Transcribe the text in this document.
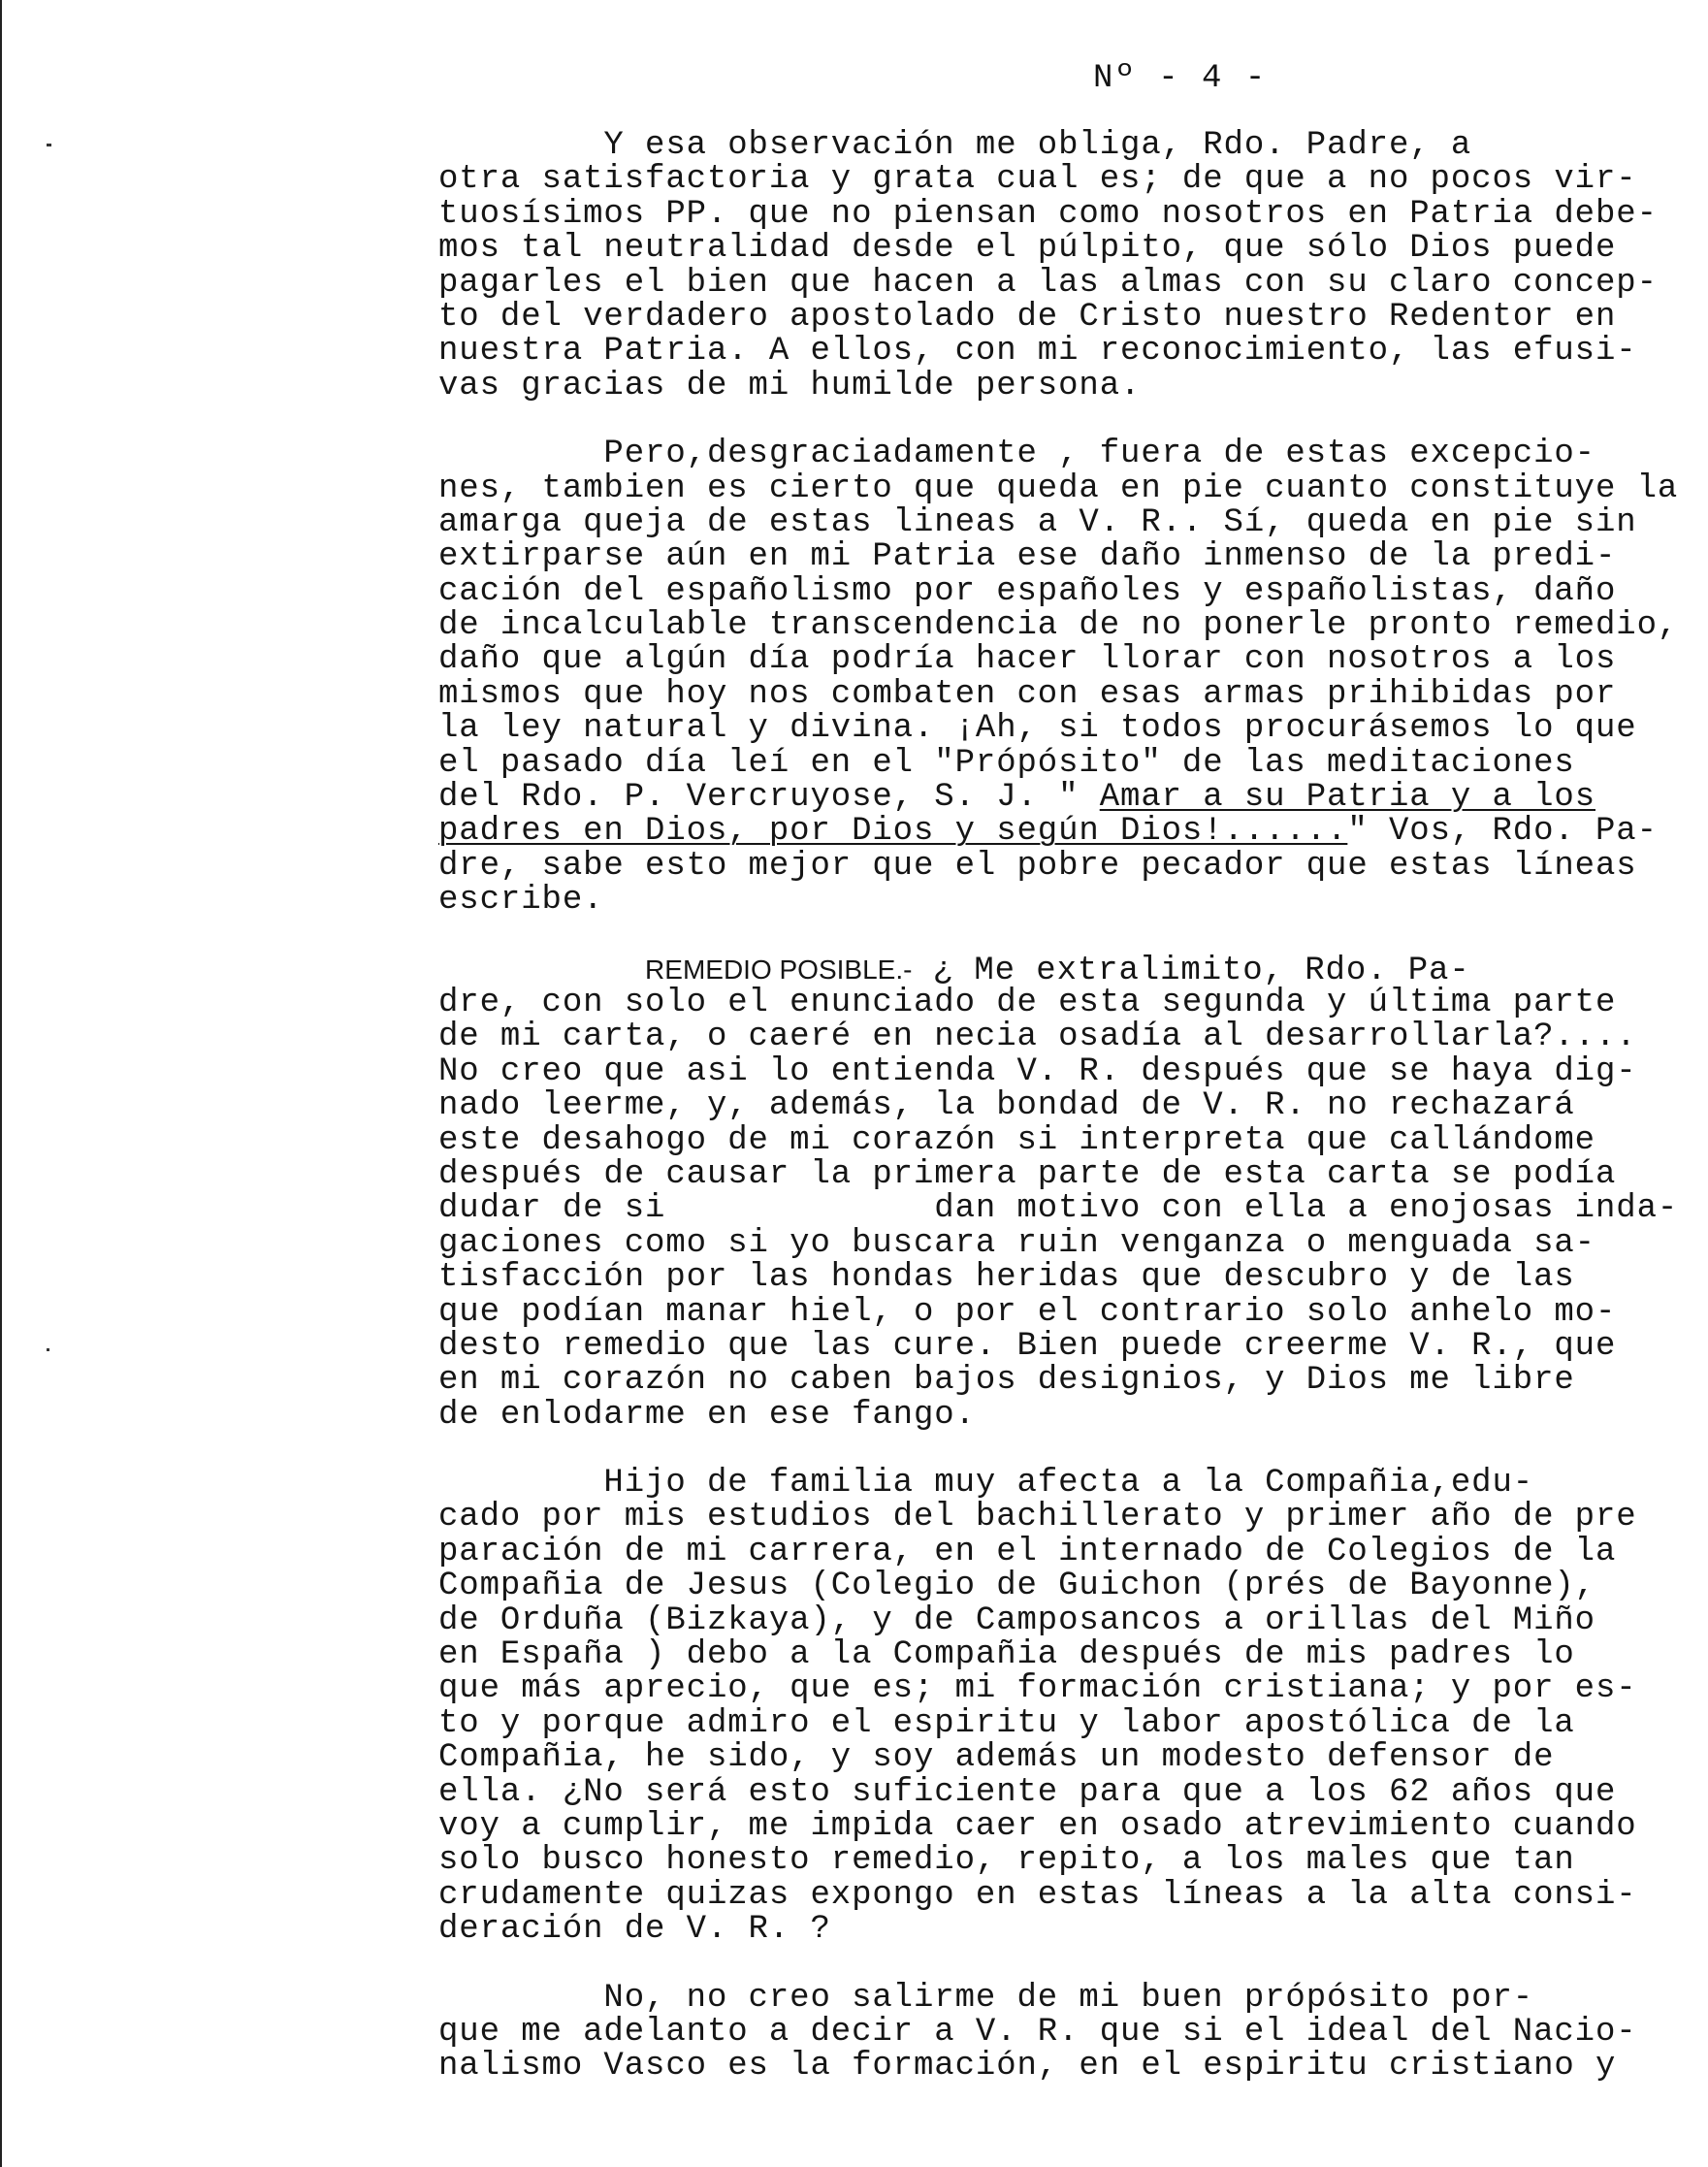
Nº - 4 -
Y esa observación me obliga, Rdo. Padre, a
otra satisfactoria y grata cual es; de que a no pocos vir-
tuosísimos PP. que no piensan como nosotros en Patria debe-
mos tal neutralidad desde el púlpito, que sólo Dios puede
pagarles el bien que hacen a las almas con su claro concep-
to del verdadero apostolado de Cristo nuestro Redentor en
nuestra Patria. A ellos, con mi reconocimiento, las efusi-
vas gracias de mi humilde persona.
Pero,desgraciadamente , fuera de estas excepcio-
nes, tambien es cierto que queda en pie cuanto constituye la
amarga queja de estas lineas a V. R.. Sí, queda en pie sin
extirparse aún en mi Patria ese daño inmenso de la predi-
cación del españolismo por españoles y españolistas, daño
de incalculable transcendencia de no ponerle pronto remedio,
daño que algún día podría hacer llorar con nosotros a los
mismos que hoy nos combaten con esas armas prihibidas por
la ley natural y divina. ¡Ah, si todos procurásemos lo que
el pasado día leí en el "Própósito" de las meditaciones
del Rdo. P. Vercruyose, S. J. " Amar a su Patria y a los
padres en Dios, por Dios y según Dios!......" Vos, Rdo. Pa-
dre, sabe esto mejor que el pobre pecador que estas líneas
escribe.
REMEDIO POSIBLE.- ¿ Me extralimito, Rdo. Pa-
dre, con solo el enunciado de esta segunda y última parte
de mi carta, o caeré en necia osadía al desarrollarla?....
No creo que asi lo entienda V. R. después que se haya dig-
nado leerme, y, además, la bondad de V. R. no rechazará
este desahogo de mi corazón si interpreta que callándome
después de causar la primera parte de esta carta se podía
dudar de si             dan motivo con ella a enojosas inda-
gaciones como si yo buscara ruin venganza o menguada sa-
tisfacción por las hondas heridas que descubro y de las
que podían manar hiel, o por el contrario solo anhelo mo-
desto remedio que las cure. Bien puede creerme V. R., que
en mi corazón no caben bajos designios, y Dios me libre
de enlodarme en ese fango.
Hijo de familia muy afecta a la Compañia,edu-
cado por mis estudios del bachillerato y primer año de pre
paración de mi carrera, en el internado de Colegios de la
Compañia de Jesus (Colegio de Guichon (prés de Bayonne),
de Orduña (Bizkaya), y de Camposancos a orillas del Miño
en España ) debo a la Compañia después de mis padres lo
que más aprecio, que es; mi formación cristiana; y por es-
to y porque admiro el espiritu y labor apostólica de la
Compañia, he sido, y soy además un modesto defensor de
ella. ¿No será esto suficiente para que a los 62 años que
voy a cumplir, me impida caer en osado atrevimiento cuando
solo busco honesto remedio, repito, a los males que tan
crudamente quizas expongo en estas líneas a la alta consi-
deración de V. R. ?
No, no creo salirme de mi buen própósito por-
que me adelanto a decir a V. R. que si el ideal del Nacio-
nalismo Vasco es la formación, en el espiritu cristiano y
